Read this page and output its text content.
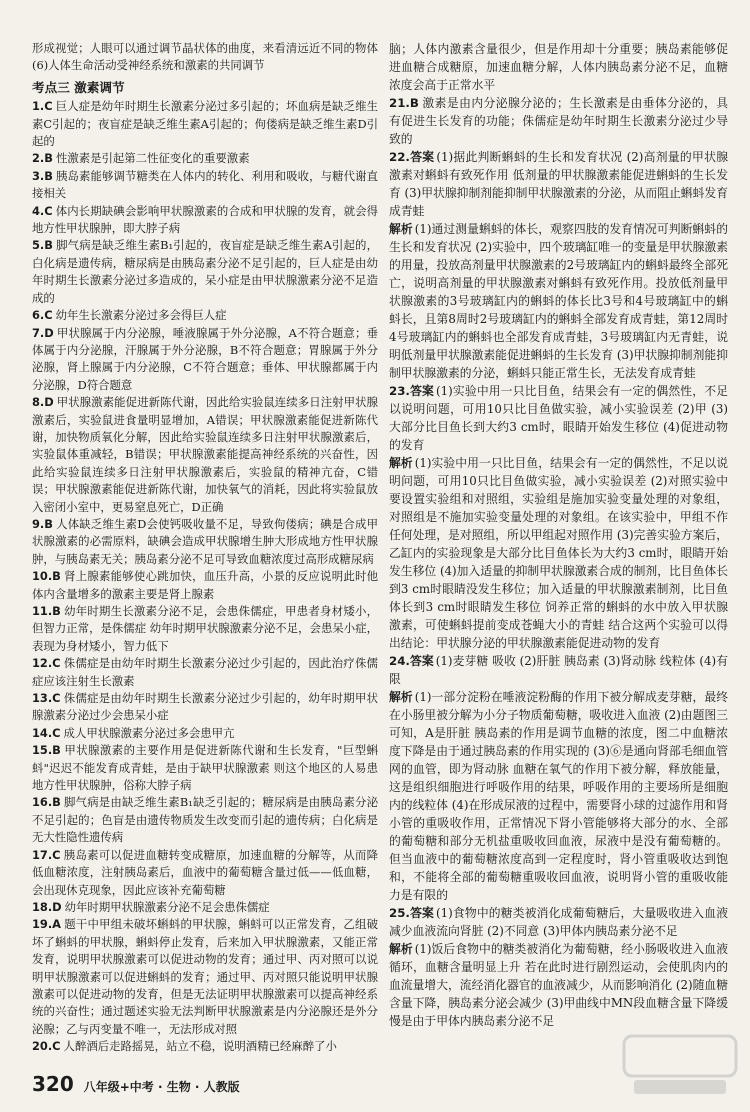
形成视觉；人眼可以通过调节晶状体的曲度，来看清远近不同的物体 (6)人体生命活动受神经系统和激素的共同调节
考点三 激素调节
1.C 巨人症是幼年时期生长激素分泌过多引起的；坏血病是缺乏维生素C引起的；夜盲症是缺乏维生素A引起的；佝偻病是缺乏维生素D引起的
2.B 性激素是引起第二性征变化的重要激素
3.B 胰岛素能够调节糖类在人体内的转化、利用和吸收，与糖代谢直接相关
4.C 体内长期缺碘会影响甲状腺激素的合成和甲状腺的发育，就会得地方性甲状腺肿，即大脖子病
5.B 脚气病是缺乏维生素B₁引起的，夜盲症是缺乏维生素A引起的，白化病是遗传病，糖尿病是由胰岛素分泌不足引起的，巨人症是由幼年时期生长激素分泌过多造成的，呆小症是由甲状腺激素分泌不足造成的
6.C 幼年生长激素分泌过多会得巨人症
7.D 甲状腺属于内分泌腺，唾液腺属于外分泌腺，A不符合题意；垂体属于内分泌腺，汗腺属于外分泌腺，B不符合题意；胃腺属于外分泌腺，肾上腺属于内分泌腺，C不符合题意；垂体、甲状腺都属于内分泌腺，D符合题意
8.D 甲状腺激素能促进新陈代谢，因此给实验鼠连续多日注射甲状腺激素后，实验鼠进食量明显增加，A错误；甲状腺激素能促进新陈代谢，加快物质氧化分解，因此给实验鼠连续多日注射甲状腺激素后，实验鼠体重减轻，B错误；甲状腺激素能提高神经系统的兴奋性，因此给实验鼠连续多日注射甲状腺激素后，实验鼠的精神亢奋，C错误；甲状腺激素能促进新陈代谢，加快氧气的消耗，因此将实验鼠放入密闭小室中，更易窒息死亡，D正确
9.B 人体缺乏维生素D会使钙吸收量不足，导致佝偻病；碘是合成甲状腺激素的必需原料，缺碘会造成甲状腺增生肿大形成地方性甲状腺肿，与胰岛素无关；胰岛素分泌不足可导致血糖浓度过高形成糖尿病
10.B 肾上腺素能够使心跳加快，血压升高，小景的反应说明此时他体内含量增多的激素主要是肾上腺素
11.B 幼年时期生长激素分泌不足，会患侏儒症，甲患者身材矮小，但智力正常，是侏儒症 幼年时期甲状腺激素分泌不足，会患呆小症，表现为身材矮小，智力低下
12.C 侏儒症是由幼年时期生长激素分泌过少引起的，因此治疗侏儒症应该注射生长激素
13.C 侏儒症是由幼年时期生长激素分泌过少引起的，幼年时期甲状腺激素分泌过少会患呆小症
14.C 成人甲状腺激素分泌过多会患甲亢
15.B 甲状腺激素的主要作用是促进新陈代谢和生长发育，"巨型蝌蚪"迟迟不能发育成青蛙，是由于缺甲状腺激素 则这个地区的人易患地方性甲状腺肿，俗称大脖子病
16.B 脚气病是由缺乏维生素B₁缺乏引起的；糖尿病是由胰岛素分泌不足引起的；色盲是由遗传物质发生改变而引起的遗传病；白化病是无大性隐性遗传病
17.C 胰岛素可以促进血糖转变成糖原，加速血糖的分解等，从而降低血糖浓度，注射胰岛素后，血液中的葡萄糖含量过低——低血糖，会出现休克现象，因此应该补充葡萄糖
18.D 幼年时期甲状腺激素分泌不足会患侏儒症
19.A 题干中甲组未破坏蝌蚪的甲状腺，蝌蚪可以正常发育，乙组破坏了蝌蚪的甲状腺，蝌蚪停止发育，后来加入甲状腺激素，又能正常发育，说明甲状腺激素可以促进动物的发育；通过甲、丙对照可以说明甲状腺激素可以促进蝌蚪的发育；通过甲、丙对照只能说明甲状腺激素可以促进动物的发育，但是无法证明甲状腺激素可以提高神经系统的兴奋性；通过题述实验无法判断甲状腺激素是内分泌腺还是外分泌腺；乙与丙变量不唯一，无法形成对照
20.C 人醉酒后走路摇晃，站立不稳，说明酒精已经麻醉了小
脑；人体内激素含量很少，但是作用却十分重要；胰岛素能够促进血糖合成糖原，加速血糖分解，人体内胰岛素分泌不足，血糖浓度会高于正常水平
21.B 激素是由内分泌腺分泌的；生长激素是由垂体分泌的，具有促进生长发育的功能；侏儒症是幼年时期生长激素分泌过少导致的
22.答案 (1)据此判断蝌蚪的生长和发育状况 (2)高剂量的甲状腺激素对蝌蚪有致死作用 低剂量的甲状腺激素能促进蝌蚪的生长发育 (3)甲状腺抑制剂能抑制甲状腺激素的分泌，从而阻止蝌蚪发育成青蛙
解析 (1)通过测量蝌蚪的体长，观察四肢的发育情况可判断蝌蚪的生长和发育状况 (2)实验中，四个玻璃缸唯一的变量是甲状腺激素的用量，投放高剂量甲状腺激素的2号玻璃缸内的蝌蚪最终全部死亡，说明高剂量的甲状腺激素对蝌蚪有致死作用。投放低剂量甲状腺激素的3号玻璃缸内的蝌蚪的体长比3号和4号玻璃缸中的蝌蚪长，且第8周时2号玻璃缸内的蝌蚪全部发育成青蛙，第12周时4号玻璃缸内的蝌蚪也全部发育成青蛙，3号玻璃缸内无青蛙，说明低剂量甲状腺激素能促进蝌蚪的生长发育 (3)甲状腺抑制剂能抑制甲状腺激素的分泌，蝌蚪只能正常生长，无法发育成青蛙
23.答案 (1)实验中用一只比目鱼，结果会有一定的偶然性，不足以说明问题，可用10只比目鱼做实验，减小实验误差 (2)甲 (3)大部分比目鱼长到大约3 cm时，眼睛开始发生移位 (4)促进动物的发育
解析 (1)实验中用一只比目鱼，结果会有一定的偶然性，不足以说明问题，可用10只比目鱼做实验，减小实验误差 (2)对照实验中要设置实验组和对照组，实验组是施加实验变量处理的对象组，对照组是不施加实验变量处理的对象组。在该实验中，甲组不作任何处理，是对照组，所以甲组起对照作用 (3)完善实验方案后，乙缸内的实验现象是大部分比目鱼体长为大约3 cm时，眼睛开始发生移位 (4)加入适量的抑制甲状腺激素合成的制剂，比目鱼体长到3 cm时眼睛没发生移位；加入适量的甲状腺激素制剂，比目鱼体长到3 cm时眼睛发生移位 饲养正常的蝌蚪的水中放入甲状腺激素，可使蝌蚪提前变成苍蝇大小的青蛙 结合这两个实验可以得出结论：甲状腺分泌的甲状腺激素能促进动物的发育
24.答案 (1)麦芽糖 吸收 (2)肝脏 胰岛素 (3)肾动脉 线粒体 (4)有限
解析 (1)一部分淀粉在唾液淀粉酶的作用下被分解成麦芽糖，最终在小肠里被分解为小分子物质葡萄糖，吸收进入血液 (2)由题图三可知，A是肝脏 胰岛素的作用是调节血糖的浓度，图二中血糖浓度下降是由于通过胰岛素的作用实现的 (3)⑥是通向肾部毛细血管网的血管，即为肾动脉 血糖在氧气的作用下被分解，释放能量，这是组织细胞进行呼吸作用的结果，呼吸作用的主要场所是细胞内的线粒体 (4)在形成尿液的过程中，需要肾小球的过滤作用和肾小管的重吸收作用，正常情况下肾小管能够将大部分的水、全部的葡萄糖和部分无机盐重吸收回血液，尿液中是没有葡萄糖的。但当血液中的葡萄糖浓度高到一定程度时，肾小管重吸收达到饱和，不能将全部的葡萄糖重吸收回血液，说明肾小管的重吸收能力是有限的
25.答案 (1)食物中的糖类被消化成葡萄糖后，大量吸收进入血液 减少血液流向肾脏 (2)不同意 (3)甲体内胰岛素分泌不足
解析 (1)饭后食物中的糖类被消化为葡萄糖，经小肠吸收进入血液循环，血糖含量明显上升 若在此时进行剧烈运动，会使肌肉内的血流量增大，流经消化器官的血液减少，从而影响消化 (2)随血糖含量下降，胰岛素分泌会减少 (3)甲曲线中MN段血糖含量下降缓慢是由于甲体内胰岛素分泌不足
320 八年级+中考 · 生物 · 人教版
